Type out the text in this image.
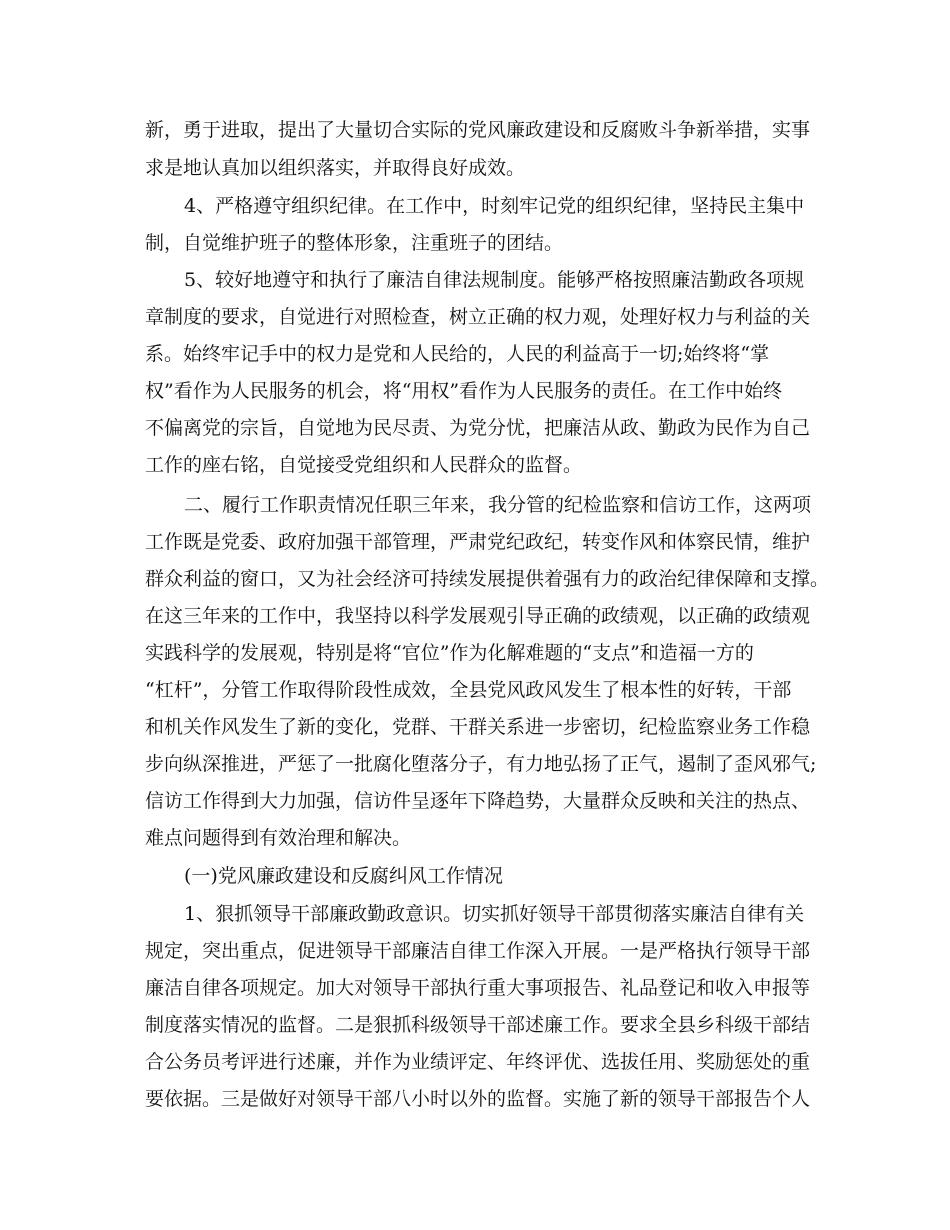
新，勇于进取，提出了大量切合实际的党风廉政建设和反腐败斗争新举措，实事
求是地认真加以组织落实，并取得良好成效。
4、严格遵守组织纪律。在工作中，时刻牢记党的组织纪律，坚持民主集中
制，自觉维护班子的整体形象，注重班子的团结。
5、较好地遵守和执行了廉洁自律法规制度。能够严格按照廉洁勤政各项规
章制度的要求，自觉进行对照检查，树立正确的权力观，处理好权力与利益的关
系。始终牢记手中的权力是党和人民给的，人民的利益高于一切;始终将“掌
权”看作为人民服务的机会，将“用权”看作为人民服务的责任。在工作中始终
不偏离党的宗旨，自觉地为民尽责、为党分忧，把廉洁从政、勤政为民作为自己
工作的座右铭，自觉接受党组织和人民群众的监督。
二、履行工作职责情况任职三年来，我分管的纪检监察和信访工作，这两项
工作既是党委、政府加强干部管理，严肃党纪政纪，转变作风和体察民情，维护
群众利益的窗口，又为社会经济可持续发展提供着强有力的政治纪律保障和支撑。
在这三年来的工作中，我坚持以科学发展观引导正确的政绩观，以正确的政绩观
实践科学的发展观，特别是将“官位”作为化解难题的“支点”和造福一方的
“杠杆”，分管工作取得阶段性成效，全县党风政风发生了根本性的好转，干部
和机关作风发生了新的变化，党群、干群关系进一步密切，纪检监察业务工作稳
步向纵深推进，严惩了一批腐化堕落分子，有力地弘扬了正气，遏制了歪风邪气;
信访工作得到大力加强，信访件呈逐年下降趋势，大量群众反映和关注的热点、
难点问题得到有效治理和解决。
(一)党风廉政建设和反腐纠风工作情况
1、狠抓领导干部廉政勤政意识。切实抓好领导干部贯彻落实廉洁自律有关
规定，突出重点，促进领导干部廉洁自律工作深入开展。一是严格执行领导干部
廉洁自律各项规定。加大对领导干部执行重大事项报告、礼品登记和收入申报等
制度落实情况的监督。二是狠抓科级领导干部述廉工作。要求全县乡科级干部结
合公务员考评进行述廉，并作为业绩评定、年终评优、选拔任用、奖励惩处的重
要依据。三是做好对领导干部八小时以外的监督。实施了新的领导干部报告个人
